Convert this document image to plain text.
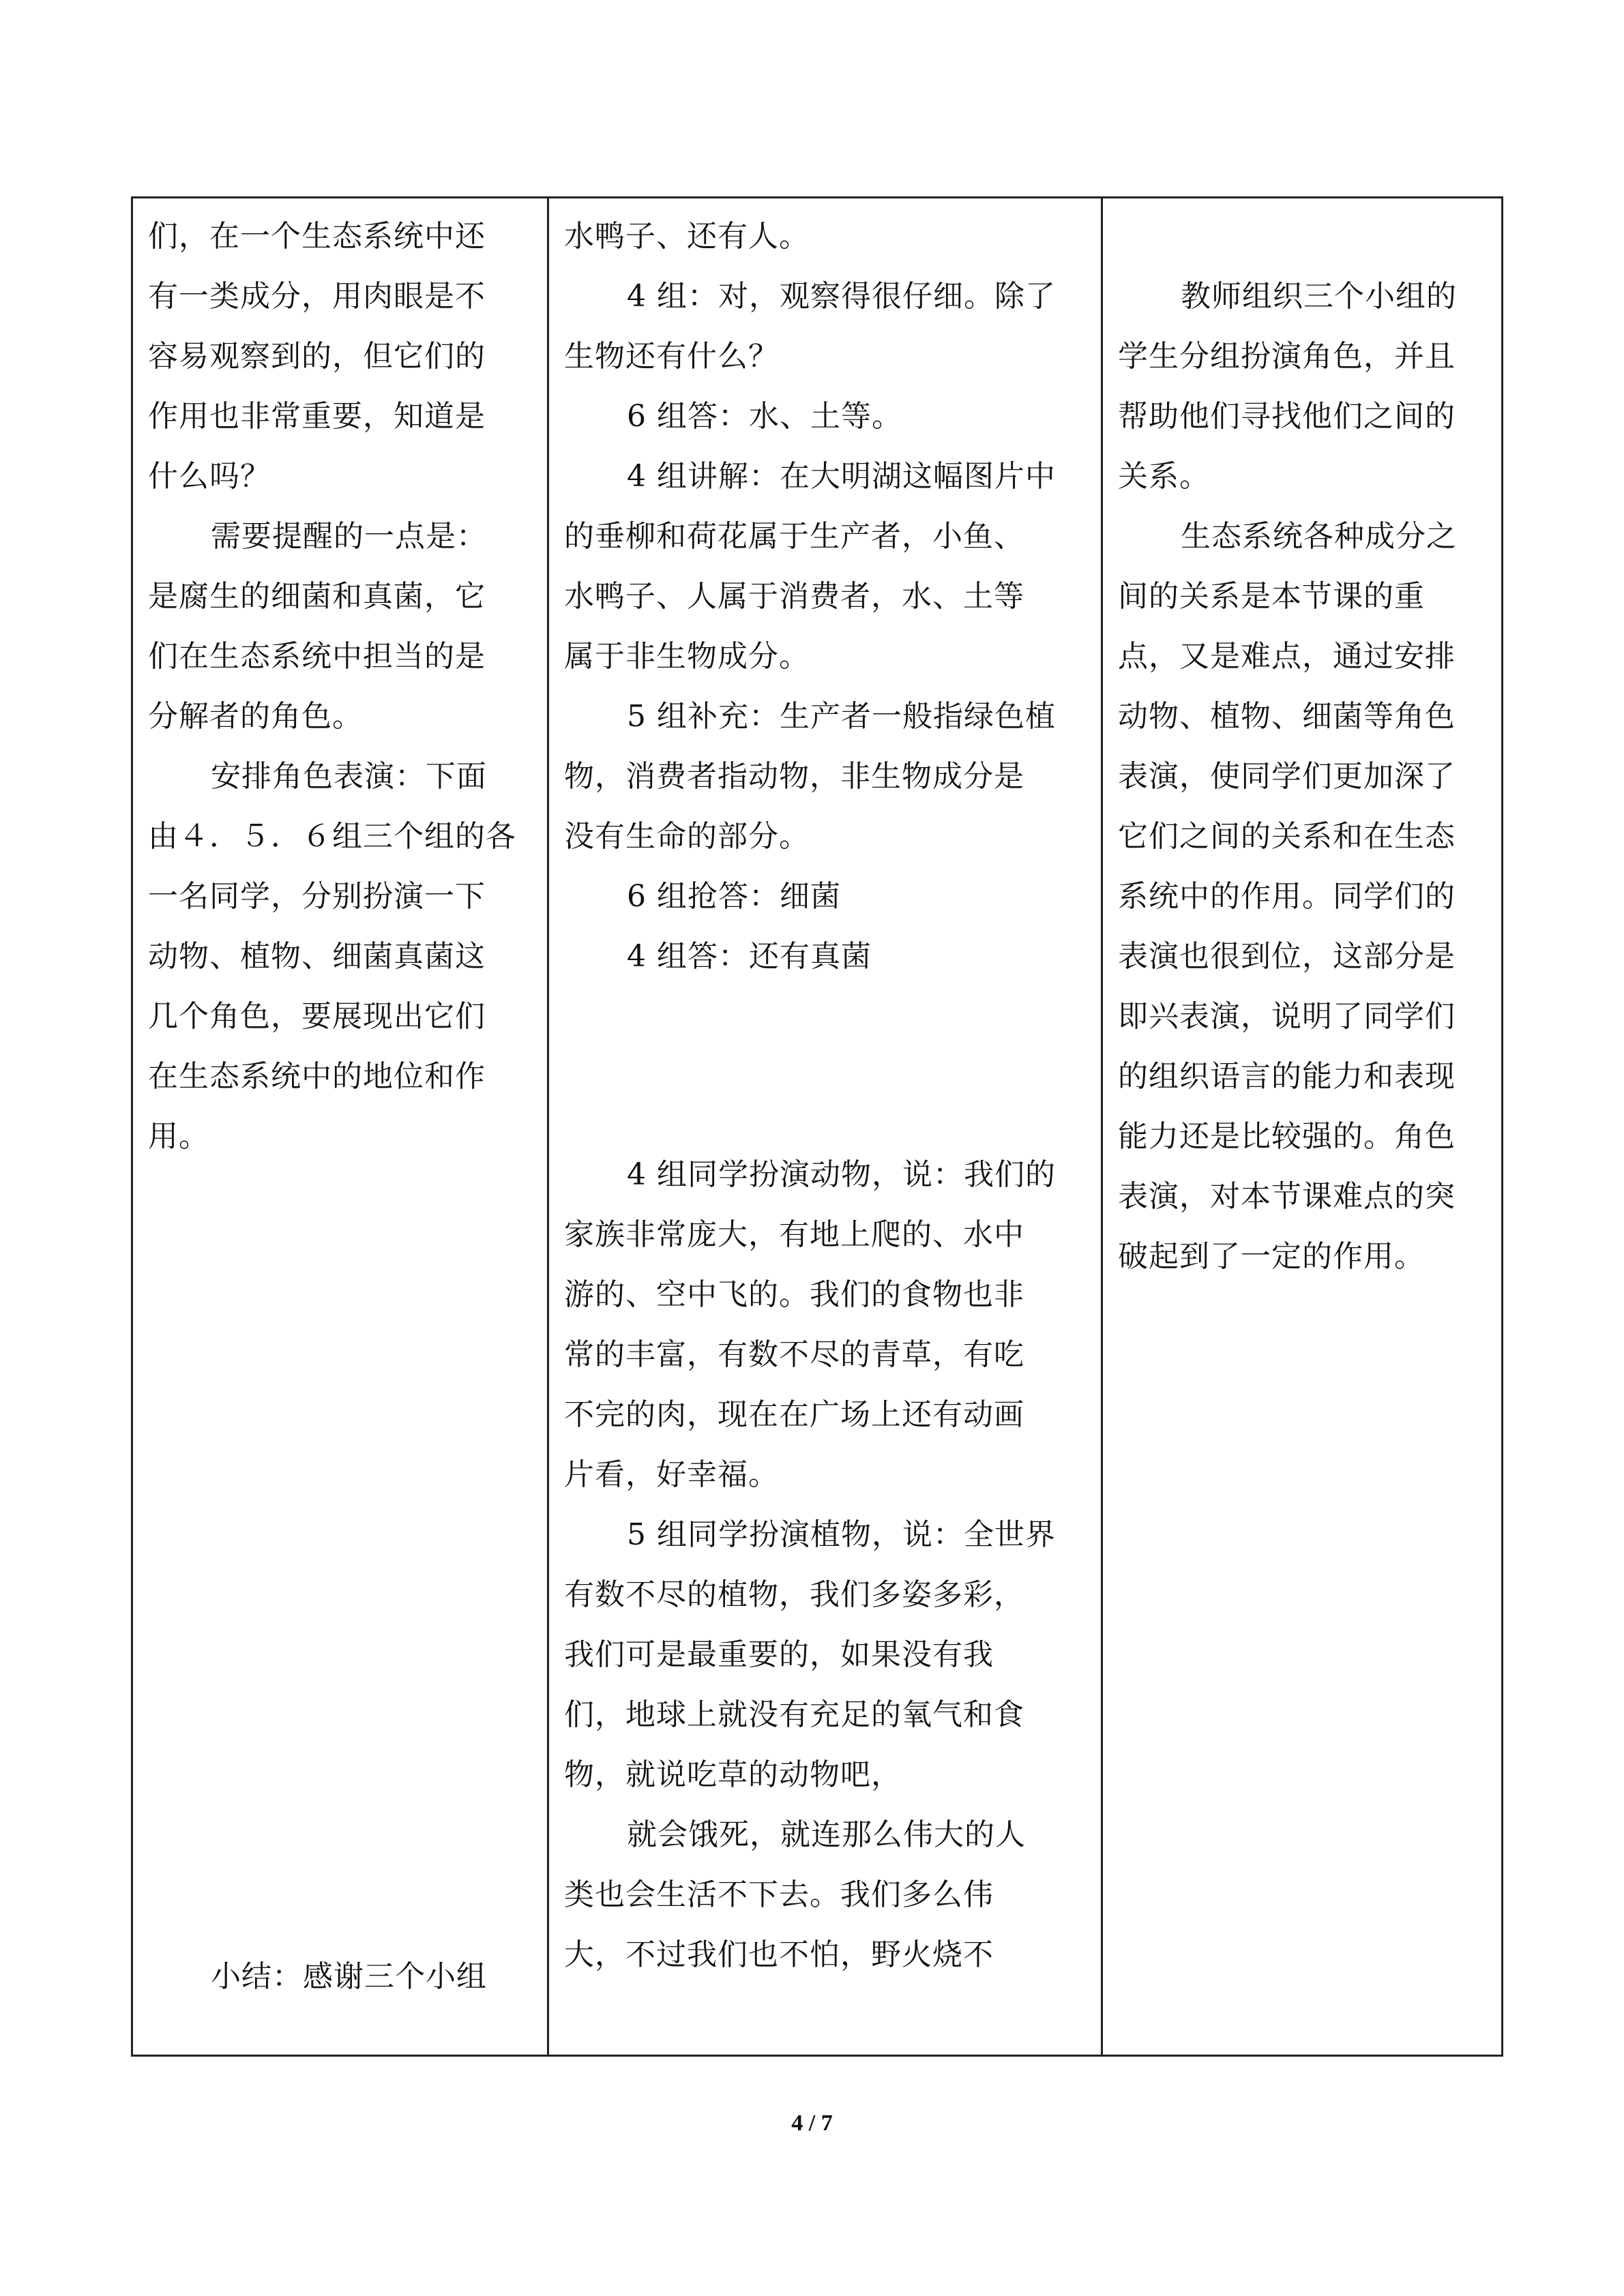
们，在一个生态系统中还
有一类成分，用肉眼是不
容易观察到的，但它们的
作用也非常重要，知道是
什么吗？
需要提醒的一点是：
是腐生的细菌和真菌，它
们在生态系统中担当的是
分解者的角色。
安排角色表演：下面
由４．５．６组三个组的各
一名同学，分别扮演一下
动物、植物、细菌真菌这
几个角色，要展现出它们
在生态系统中的地位和作
用。
小结：感谢三个小组
水鸭子、还有人。
4 组：对，观察得很仔细。除了
生物还有什么？
6 组答：水、土等。
4 组讲解：在大明湖这幅图片中
的垂柳和荷花属于生产者，小鱼、
水鸭子、人属于消费者，水、土等
属于非生物成分。
5 组补充：生产者一般指绿色植
物，消费者指动物，非生物成分是
没有生命的部分。
6 组抢答：细菌
4 组答：还有真菌
4 组同学扮演动物，说：我们的
家族非常庞大，有地上爬的、水中
游的、空中飞的。我们的食物也非
常的丰富，有数不尽的青草，有吃
不完的肉，现在在广场上还有动画
片看，好幸福。
5 组同学扮演植物，说：全世界
有数不尽的植物，我们多姿多彩，
我们可是最重要的，如果没有我
们，地球上就没有充足的氧气和食
物，就说吃草的动物吧，
就会饿死，就连那么伟大的人
类也会生活不下去。我们多么伟
大，不过我们也不怕，野火烧不
教师组织三个小组的
学生分组扮演角色，并且
帮助他们寻找他们之间的
关系。
生态系统各种成分之
间的关系是本节课的重
点，又是难点，通过安排
动物、植物、细菌等角色
表演，使同学们更加深了
它们之间的关系和在生态
系统中的作用。同学们的
表演也很到位，这部分是
即兴表演，说明了同学们
的组织语言的能力和表现
能力还是比较强的。角色
表演，对本节课难点的突
破起到了一定的作用。
4 / 7
